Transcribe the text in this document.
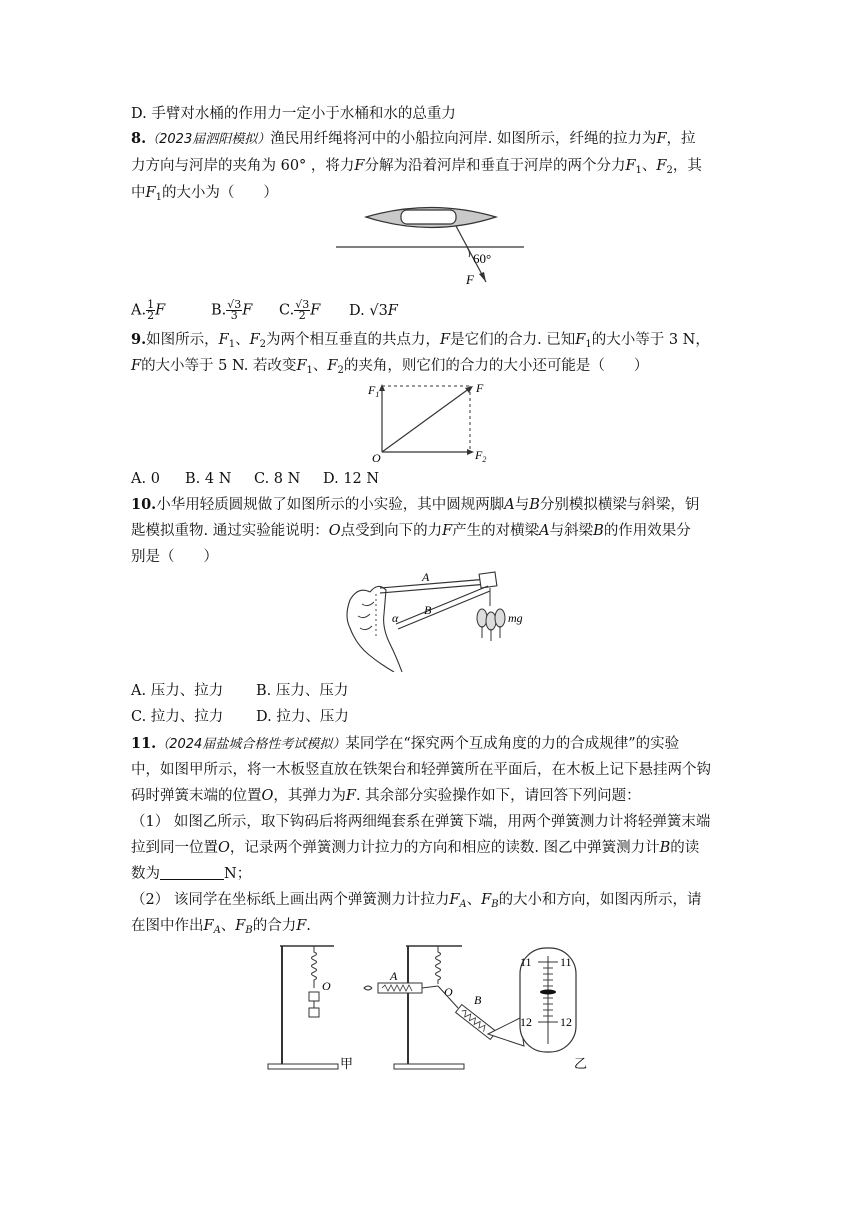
D. 手臂对水桶的作用力一定小于水桶和水的总重力
8.（2023届泗阳模拟）渔民用纤绳将河中的小船拉向河岸. 如图所示，纤绳的拉力为F，拉
力方向与河岸的夹角为 60° ，将力F分解为沿着河岸和垂直于河岸的两个分力$F_1$、$F_2$，其
中$F_1$的大小为（　　）
60°
F
A. $\frac{1}{2}$ F	B. $\frac{√3}{3}$ F C. $\frac{√3}{2}$ F D. √3F
9.如图所示，$F_1$、$F_2$为两个相互垂直的共点力，F是它们的合力. 已知$F_1$的大小等于 3 N，
F的大小等于 5 N. 若改变$F_1$、$F_2$的夹角，则它们的合力的大小还可能是（　　）
$F_1$	F
O	$F_2$
A. 0 B. 4 N C. 8 N D. 12 N
10.小华用轻质圆规做了如图所示的小实验，其中圆规两脚A与B分别模拟横梁与斜梁，钥
匙模拟重物. 通过实验能说明：O点受到向下的力F产生的对横梁A与斜梁B的作用效果分
别是（　　）
A
B
α	mg
A. 压力、拉力 B. 压力、压力
C. 拉力、拉力 D. 拉力、压力
11.（2024届盐城合格性考试模拟）某同学在“探究两个互成角度的力的合成规律”的实验
中，如图甲所示，将一木板竖直放在铁架台和轻弹簧所在平面后，在木板上记下悬挂两个钩
码时弹簧末端的位置O，其弹力为F. 其余部分实验操作如下，请回答下列问题：
（1） 如图乙所示，取下钩码后将两细绳套系在弹簧下端，用两个弹簧测力计将轻弹簧末端
拉到同一位置O，记录两个弹簧测力计拉力的方向和相应的读数. 图乙中弹簧测力计B的读
数为	N；
（2） 该同学在坐标纸上画出两个弹簧测力计拉力$F_A$、$F_B$的大小和方向，如图丙所示，请
在图中作出$F_A$、$F_B$的合力F.
O
甲
A
O
B
11 11
12 12
乙
